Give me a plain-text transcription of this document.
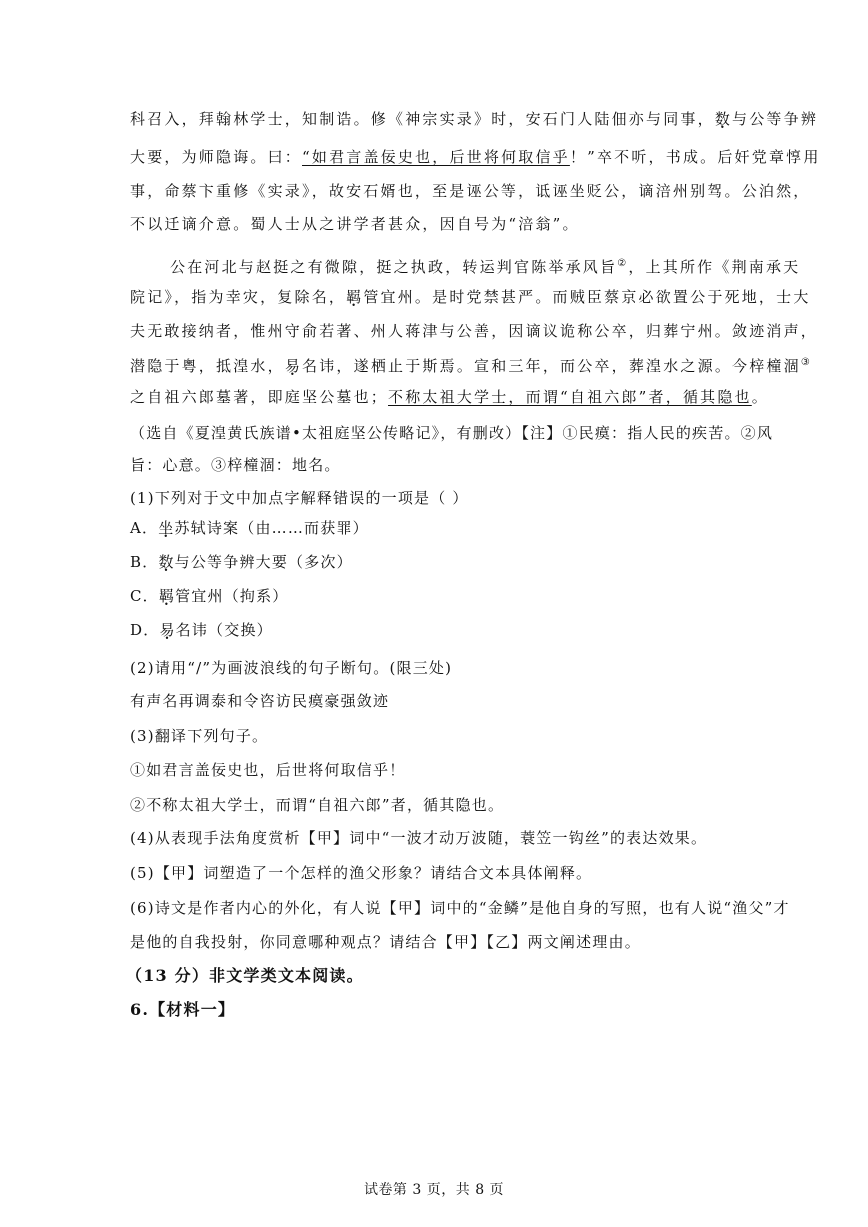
科召入，拜翰林学士，知制诰。修《神宗实录》时，安石门人陆佃亦与同事，数与公等争辨
大要，为师隐诲。曰：“如君言盖佞史也，后世将何取信乎！”卒不听，书成。后奸党章惇用
事，命蔡卞重修《实录》，故安石婿也，至是诬公等，诋诬坐贬公，谪涪州别驾。公泊然，
不以迁谪介意。蜀人士从之讲学者甚众，因自号为“涪翁”。
公在河北与赵挺之有微隙，挺之执政，转运判官陈举承风旨②，上其所作《荆南承天
院记》，指为幸灾，复除名，羁管宜州。是时党禁甚严。而贼臣蔡京必欲置公于死地，士大
夫无敢接纳者，惟州守俞若著、州人蒋津与公善，因谪议诡称公卒，归葬宁州。敛迹消声，
潜隐于粤，抵湟水，易名讳，遂栖止于斯焉。宣和三年，而公卒，葬湟水之源。今梓橦涸③
之自祖六郎墓著，即庭坚公墓也；不称太祖大学士，而谓“自祖六郎”者，循其隐也。
（选自《夏湟黄氏族谱•太祖庭坚公传略记》，有删改）【注】①民瘼：指人民的疾苦。②风
旨：心意。③梓橦涸：地名。
(1)下列对于文中加点字解释错误的一项是（ ）
A．坐苏轼诗案（由……而获罪）
B．数与公等争辨大要（多次）
C．羁管宜州（拘系）
D．易名讳（交换）
(2)请用“/”为画波浪线的句子断句。(限三处)
有声名再调泰和令咨访民瘼豪强敛迹
(3)翻译下列句子。
①如君言盖佞史也，后世将何取信乎！
②不称太祖大学士，而谓“自祖六郎”者，循其隐也。
(4)从表现手法角度赏析【甲】词中“一波才动万波随，蓑笠一钩丝”的表达效果。
(5)【甲】词塑造了一个怎样的渔父形象？请结合文本具体阐释。
(6)诗文是作者内心的外化，有人说【甲】词中的“金鳞”是他自身的写照，也有人说“渔父”才
是他的自我投射，你同意哪种观点？请结合【甲】【乙】两文阐述理由。
（13 分）非文学类文本阅读。
6.【材料一】
试卷第 3 页，共 8 页
